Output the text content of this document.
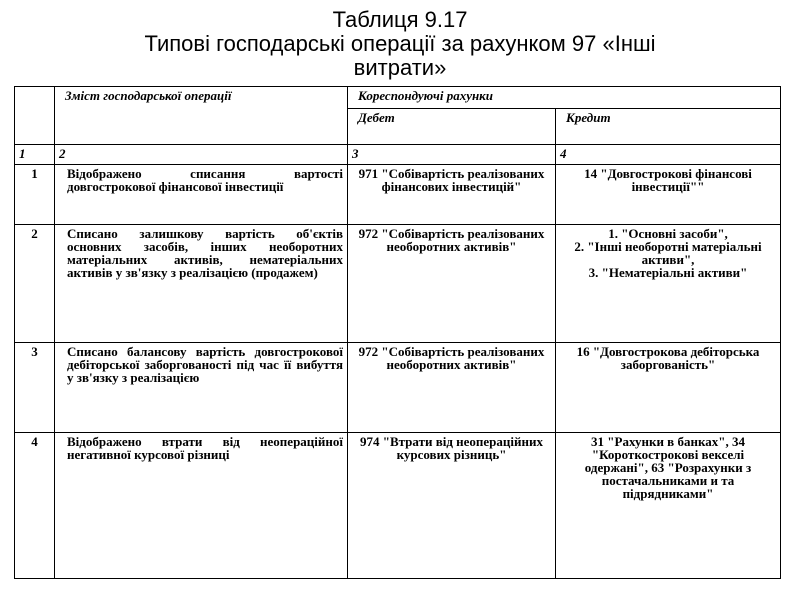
Таблиця 9.17
Типові господарські операції за рахунком 97 «Інші
витрати»
	Зміст господарської операції	Кореспондуючі рахунки	
		Дебет	Кредит
1	2	3	4
1	Відображено списання вартості довгострокової фінансової інвестиції	971 "Собівартість реалізованих фінансових інвестицій"	14 "Довгострокові фінансові інвестиції""
2	Списано залишкову вартість об'єктів основних засобів, інших необоротних матеріальних активів, нематеріальних активів у зв'язку з реалізацією (продажем)	972 "Собівартість реалізованих необоротних активів"	1. "Основні засоби",
2. "Інші необоротні матеріальні активи",
3. "Нематеріальні активи"

3	Списано балансову вартість довгострокової дебіторської заборгованості під час її вибуття у зв'язку з реалізацією	972 "Собівартість реалізованих необоротних активів"	16 "Довгострокова дебіторська заборгованість"
4	Відображено втрати від неопераційної негативної курсової різниці	974 "Втрати від неопераційних курсових різниць"	31 "Рахунки в банках", 34 "Короткострокові векселі одержані", 63 "Розрахунки з постачальниками и та підрядниками"
